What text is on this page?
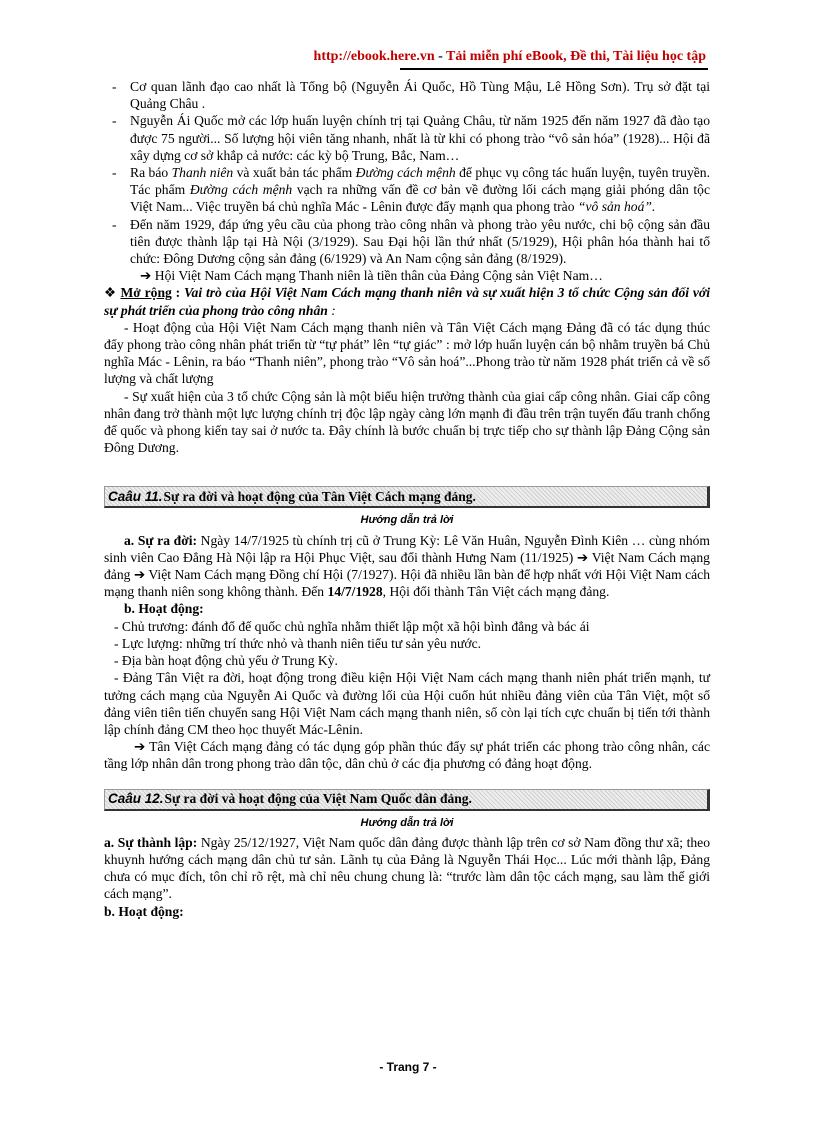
http://ebook.here.vn - Tải miễn phí eBook, Đề thi, Tài liệu học tập
- Cơ quan lãnh đạo cao nhất là Tổng bộ (Nguyễn Ái Quốc, Hồ Tùng Mậu, Lê Hồng Sơn). Trụ sở đặt tại Quảng Châu .
- Nguyễn Ái Quốc mở các lớp huấn luyện chính trị tại Quảng Châu, từ năm 1925 đến năm 1927 đã đào tạo được 75 người... Số lượng hội viên tăng nhanh, nhất là từ khi có phong trào “vô sản hóa” (1928)... Hội đã xây dựng cơ sở khắp cả nước: các kỳ bộ Trung, Bắc, Nam…
- Ra báo Thanh niên và xuất bản tác phẩm Đường cách mệnh để phục vụ công tác huấn luyện, tuyên truyền. Tác phẩm Đường cách mệnh vạch ra những vấn đề cơ bản về đường lối cách mạng giải phóng dân tộc Việt Nam... Việc truyền bá chủ nghĩa Mác - Lênin được đẩy mạnh qua phong trào “vô sản hoá”.
- Đến năm 1929, đáp ứng yêu cầu của phong trào công nhân và phong trào yêu nước, chi bộ cộng sản đầu tiên được thành lập tại Hà Nội (3/1929). Sau Đại hội lần thứ nhất (5/1929), Hội phân hóa thành hai tổ chức: Đông Dương cộng sản đảng (6/1929) và An Nam cộng sản đảng (8/1929).

➔ Hội Việt Nam Cách mạng Thanh niên là tiền thân của Đảng Cộng sản Việt Nam…

❖ Mở rộng : Vai trò của Hội Việt Nam Cách mạng thanh niên và sự xuất hiện 3 tổ chức Cộng sản đối với sự phát triển của phong trào công nhân :

- Hoạt động của Hội Việt Nam Cách mạng thanh niên và Tân Việt Cách mạng Đảng đã có tác dụng thúc đẩy phong trào công nhân phát triển từ “tự phát” lên “tự giác” : mở lớp huấn luyện cán bộ nhằm truyền bá Chủ nghĩa Mác - Lênin, ra báo “Thanh niên”, phong trào “Vô sản hoá”...Phong trào từ năm 1928 phát triển cả về số lượng và chất lượng

- Sự xuất hiện của 3 tổ chức Cộng sản là một biểu hiện trưởng thành của giai cấp công nhân. Giai cấp công nhân đang trở thành một lực lượng chính trị độc lập ngày càng lớn mạnh đi đầu trên trận tuyến đấu tranh chống đế quốc và phong kiến tay sai ở nước ta. Đây chính là bước chuẩn bị trực tiếp cho sự thành lập Đảng Cộng sản Đông Dương.

Caâu 11. Sự ra đời và hoạt động của Tân Việt Cách mạng đảng.
Hướng dẫn trả lời

a. Sự ra đời: Ngày 14/7/1925 tù chính trị cũ ở Trung Kỳ: Lê Văn Huân, Nguyễn Đình Kiên … cùng nhóm sinh viên Cao Đẳng Hà Nội lập ra Hội Phục Việt, sau đổi thành Hưng Nam (11/1925) ➔ Việt Nam Cách mạng đảng ➔ Việt Nam Cách mạng Đồng chí Hội (7/1927). Hội đã nhiều lần bàn để hợp nhất với Hội Việt Nam cách mạng thanh niên song không thành. Đến 14/7/1928, Hội đổi thành Tân Việt cách mạng đảng.

b. Hoạt động:

- Chủ trương: đánh đổ đế quốc chủ nghĩa nhằm thiết lập một xã hội bình đẳng và bác ái

- Lực lượng: những trí thức nhỏ và thanh niên tiểu tư sản yêu nước.

- Địa bàn hoạt động chủ yếu ở Trung Kỳ.

- Đảng Tân Việt ra đời, hoạt động trong điều kiện Hội Việt Nam cách mạng thanh niên phát triển mạnh, tư tưởng cách mạng của Nguyễn Ai Quốc và đường lối của Hội cuốn hút nhiều đảng viên của Tân Việt, một số đảng viên tiên tiến chuyển sang Hội Việt Nam cách mạng thanh niên, số còn lại tích cực chuẩn bị tiến tới thành lập chính đảng CM theo học thuyết Mác-Lênin.

➔ Tân Việt Cách mạng đảng có tác dụng góp phần thúc đẩy sự phát triển các phong trào công nhân, các tầng lớp nhân dân trong phong trào dân tộc, dân chủ ở các địa phương có đảng hoạt động.

Caâu 12. Sự ra đời và hoạt động của Việt Nam Quốc dân đảng.
Hướng dẫn trả lời

a. Sự thành lập: Ngày 25/12/1927, Việt Nam quốc dân đảng được thành lập trên cơ sở Nam đồng thư xã; theo khuynh hướng cách mạng dân chủ tư sản. Lãnh tụ của Đảng là Nguyễn Thái Học... Lúc mới thành lập, Đảng chưa có mục đích, tôn chỉ rõ rệt, mà chỉ nêu chung chung là: “trước làm dân tộc cách mạng, sau làm thế giới cách mạng”.

b. Hoạt động:

- Trang 7 -
